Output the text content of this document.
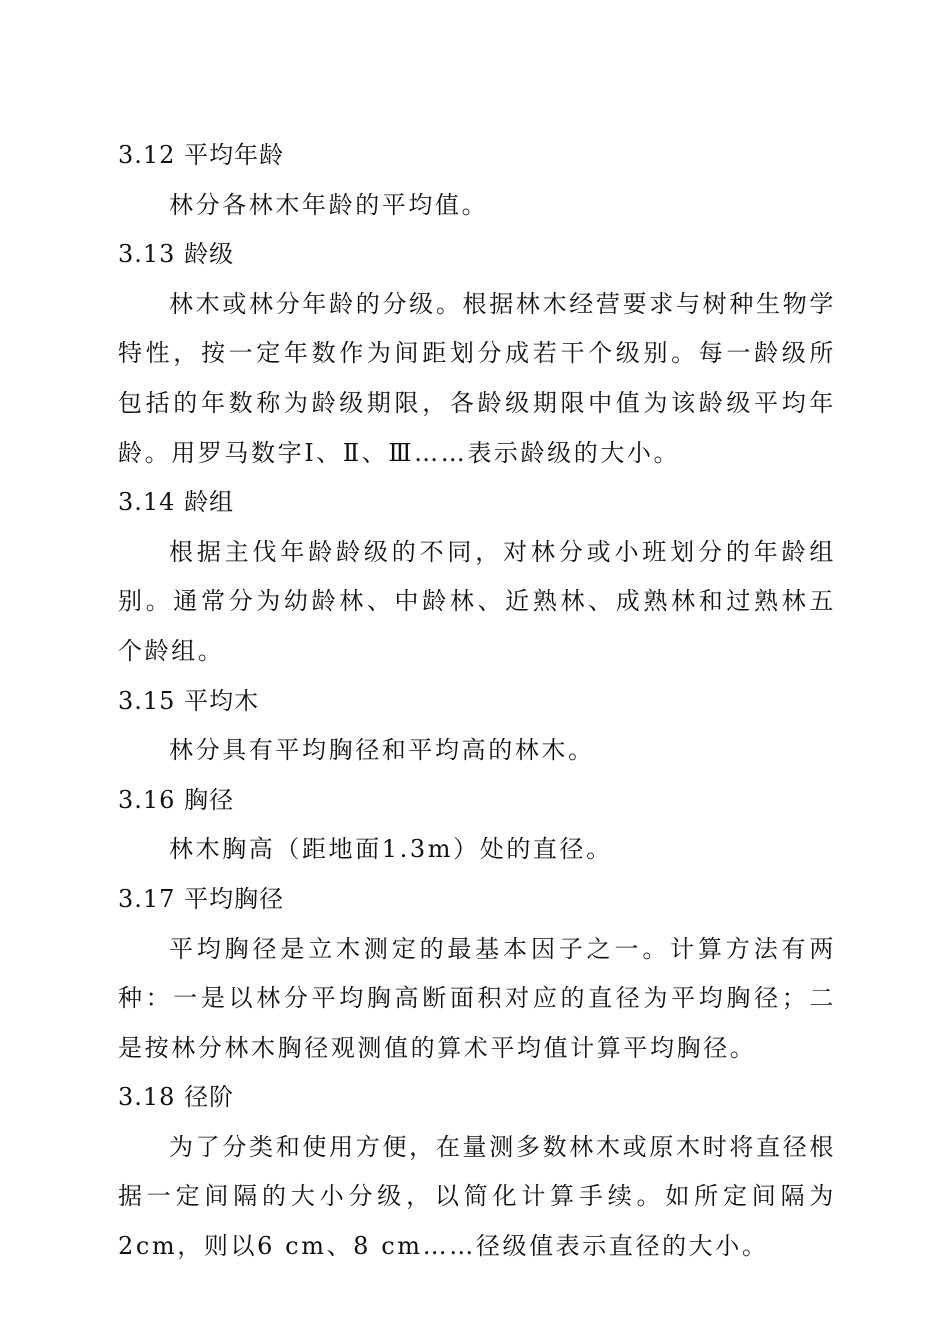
3.12 平均年龄

林分各林木年龄的平均值。

3.13 龄级

林木或林分年龄的分级。根据林木经营要求与树种生物学特性，按一定年数作为间距划分成若干个级别。每一龄级所包括的年数称为龄级期限，各龄级期限中值为该龄级平均年龄。用罗马数字Ⅰ、Ⅱ、Ⅲ……表示龄级的大小。

3.14 龄组

根据主伐年龄龄级的不同，对林分或小班划分的年龄组别。通常分为幼龄林、中龄林、近熟林、成熟林和过熟林五个龄组。

3.15 平均木

林分具有平均胸径和平均高的林木。

3.16 胸径

林木胸高（距地面1.3m）处的直径。

3.17 平均胸径

平均胸径是立木测定的最基本因子之一。计算方法有两种：一是以林分平均胸高断面积对应的直径为平均胸径；二是按林分林木胸径观测值的算术平均值计算平均胸径。

3.18 径阶

为了分类和使用方便，在量测多数林木或原木时将直径根据一定间隔的大小分级，以简化计算手续。如所定间隔为2cm，则以6 cm、8 cm……径级值表示直径的大小。
